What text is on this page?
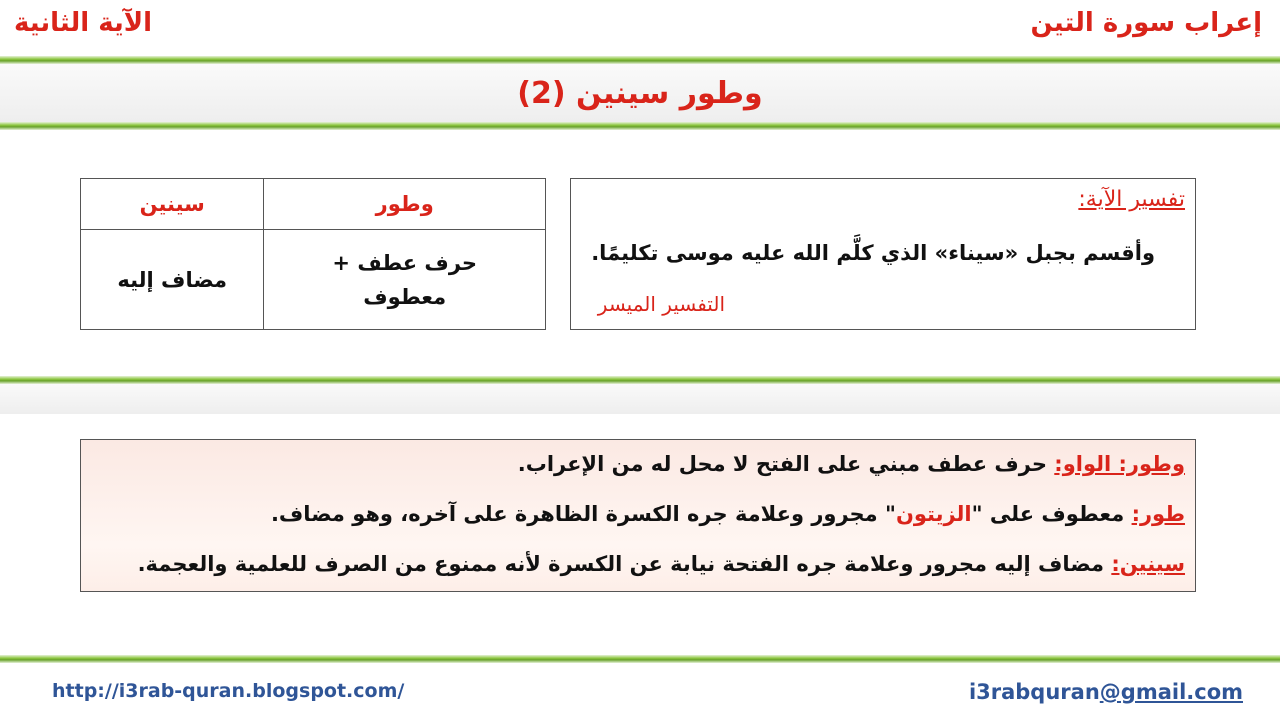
إعراب سورة التين
الآية الثانية
وطور سينين (2)
وطور	سينين

حرف عطف + معطوف	مضاف إليه
تفسير الآية:
وأقسم بجبل «سيناء» الذي كلَّم الله عليه موسى تكليمًا.
التفسير الميسر
وطور: الواو: حرف عطف مبني على الفتح لا محل له من الإعراب.
طور: معطوف على "الزيتون" مجرور وعلامة جره الكسرة الظاهرة على آخره، وهو مضاف.
سينين: مضاف إليه مجرور وعلامة جره الفتحة نيابة عن الكسرة لأنه ممنوع من الصرف للعلمية والعجمة.
http://i3rab-quran.blogspot.com/	i3rabquran@gmail.com
